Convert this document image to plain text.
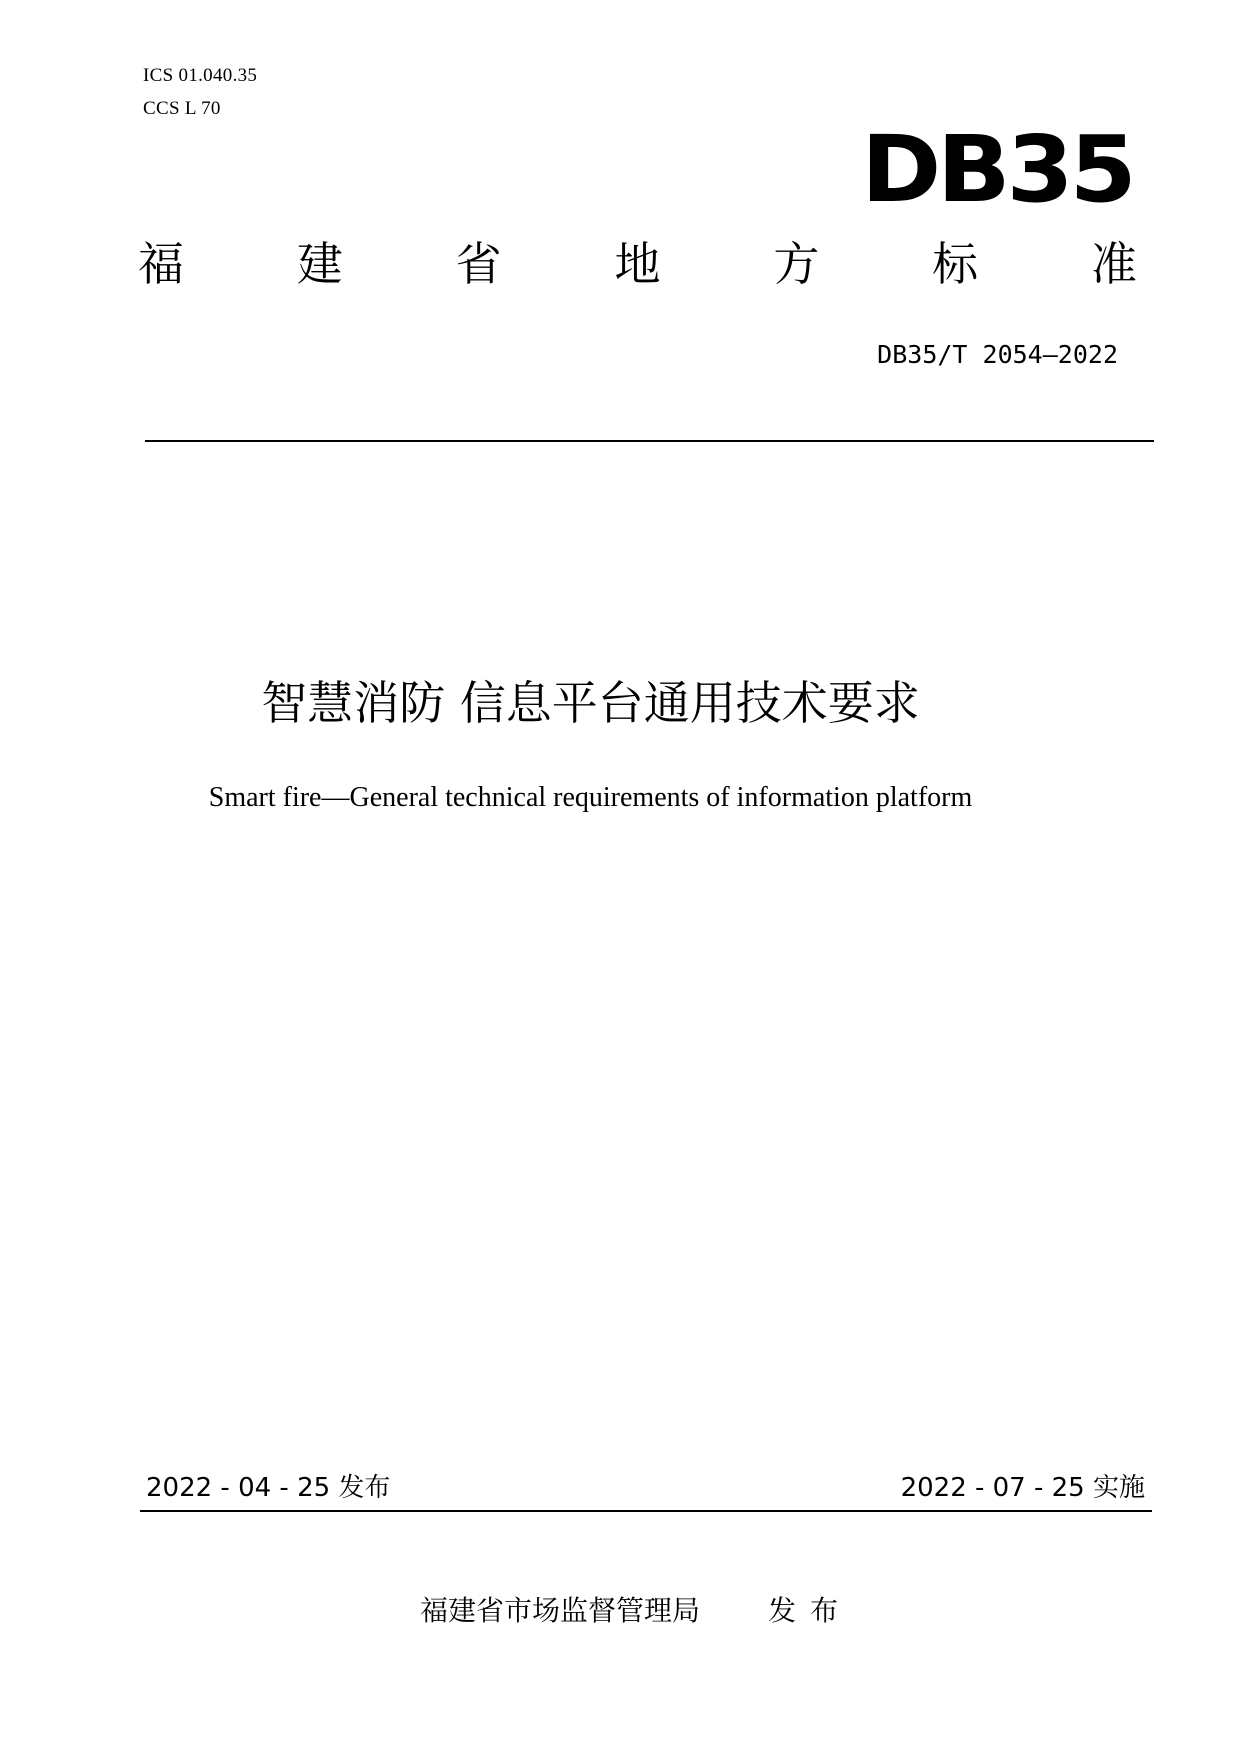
ICS 01.040.35
CCS L 70
DB35
福 建 省 地 方 标 准
DB35/T 2054—2022
智慧消防 信息平台通用技术要求
Smart fire—General technical requirements of information platform
2022 - 04 - 25 发布	2022 - 07 - 25 实施
福建省市场监督管理局 发布
